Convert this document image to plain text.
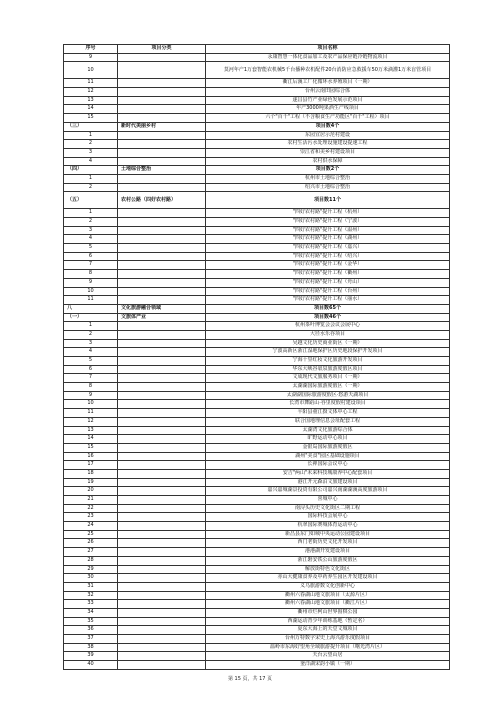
序号	项目分类	项目名称
9		永康智慧一体化食品加工及农产品保应链冷链物流项目
10		莫河年产1万套智能农机械5千台播种农机配件20台消防应急救援车50万米滴灌1万米盲管项目
11		衢江后溪工厂化循环水养殖项目（一期）
12		台州云南田园综合体
13		遂昌县竹产业绿色发展示范项目
14		年产3000吨果酒生产线项目
15		六个"百千"工程（不含粮食生产功能区"百千"工程）项目
（三）	新时代美丽乡村	项目数4个
1		东园宜居示范村建设
2		农村生活污水处理设施建设提速工程
3		崇江省和美乡村建设项目
4		农村供水保障
（四）	土地综合整治	项目数2个
1		杭州市土地综合整治
2		绍兴市土地综合整治
（五）	农村公路（四好农村路）	项目数11个
1		"四好农村路"提升工程（杭州）
2		"四好农村路"提升工程（宁波）
3		"四好农村路"提升工程（温州）
4		"四好农村路"提升工程（湖州）
5		"四好农村路"提升工程（嘉兴）
6		"四好农村路"提升工程（绍兴）
7		"四好农村路"提升工程（金华）
8		"四好农村路"提升工程（衢州）
9		"四好农村路"提升工程（舟山）
10		"四好农村路"提升工程（台州）
11		"四好农村路"提升工程（丽水）
八	文化旅游融合领域	项目数65个
（一）	文旅体产业	项目数46个
1		杭州茶叶博览会会议会展中心
2		大径水乐谷项目
3		吴越文化历史商业街区（一期）
4		宁波高新区浙江湿地保护区历史地段保护开发项目
5		宁海十里红妆文化旅游开发项目
6		华东大峡谷氡泉旅游度假区项目
7		文成现代文旅服务项目（一期）
8		太湖湖国际旅游度假区（一期）
9		太湖湖国际旅游度假区·悠游天湖项目
10		长湾市舞蹈山·谷里度假村建设项目
11		平阳县童江摄文体中心工程
12		联合国地理信息会址配套工程
13		太湖湾文化旅游综合体
14		旷野运动中心项目
15		金银岛国际旅游度假区
16		湖州"美食"园区基础设施项目
17		长禅国际会议中心
18		安吉"两山"未来科技城康养中心配套项目
19		港江开元森泊文旅建设项目
20		嘉兴嘉城湖景投资有限公司嘉兴南湖湖溪高度旅游项目
21		喜城中心
22		南浔头历史文化街区二期工程
23		国际科技会展中心
24		杭翠国际赛城体育运动中心
25		新昌县东门如城中央运动公园建设项目
26		西门老街历史文化开发项目
27		港港湖开发建设项目
28		浙江磐安铁公山旅游度假区
29		解放街特色文化街区
30		赤山大健康食养及中药养生园区开发建设项目
31		义乌旅游数文化创新中心
32		衢州六春湖山地文旅项目（太源片区）
33		衢州六春湖山地文旅项目（衢江片区）
34		衢州市烂柯山世界围棋公园
35		西湖运动青少年训练基地（暂定名）
36		夏东大海上的天堂文城项目
37		台州万特数字宋史上海兴游乐度假项目
38		温岭市东海好望角全域旅游提升项目（曙光湾片区）
39		天台云望山居
40		釜洋湖宋韵小镇（一期）
第 15 页，共 17 页
